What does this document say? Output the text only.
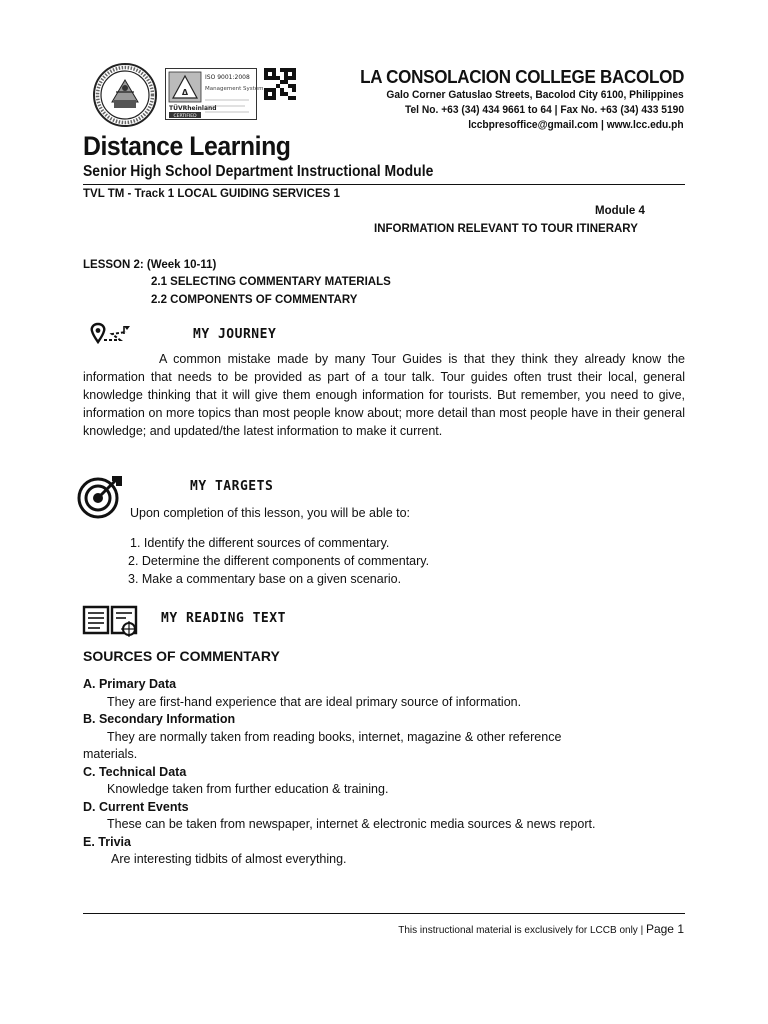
Δ
TÜVRheinland
CERTIFIED
ISO 9001:2008
Management System
LA CONSOLACION COLLEGE BACOLOD
Galo Corner Gatuslao Streets, Bacolod City 6100, Philippines
Tel No. +63 (34) 434 9661 to 64 | Fax No. +63 (34) 433 5190
lccbpresoffice@gmail.com | www.lcc.edu.ph
Distance Learning
Senior High School Department Instructional Module
TVL TM - Track 1 LOCAL GUIDING SERVICES 1
Module 4
INFORMATION RELEVANT TO TOUR ITINERARY
LESSON 2: (Week 10-11)
2.1 SELECTING COMMENTARY MATERIALS
2.2 COMPONENTS OF COMMENTARY
MY JOURNEY
A common mistake made by many Tour Guides is that they think they already know the information that needs to be provided as part of a tour talk. Tour guides often trust their local, general knowledge thinking that it will give them enough information for tourists. But remember, you need to give, information on more topics than most people know about; more detail than most people have in their general knowledge; and updated/the latest information to make it current.
MY TARGETS
Upon completion of this lesson, you will be able to:
1. Identify the different sources of commentary.
2. Determine the different components of commentary.
3. Make a commentary base on a given scenario.
MY READING TEXT
SOURCES OF COMMENTARY
A. Primary Data
They are first-hand experience that are ideal primary source of information.
B. Secondary Information
They are normally taken from reading books, internet, magazine & other reference
materials.
C. Technical Data
Knowledge taken from further education & training.
D. Current Events
These can be taken from newspaper, internet & electronic media sources & news report.
E. Trivia
Are interesting tidbits of almost everything.
This instructional material is exclusively for LCCB only | Page 1
